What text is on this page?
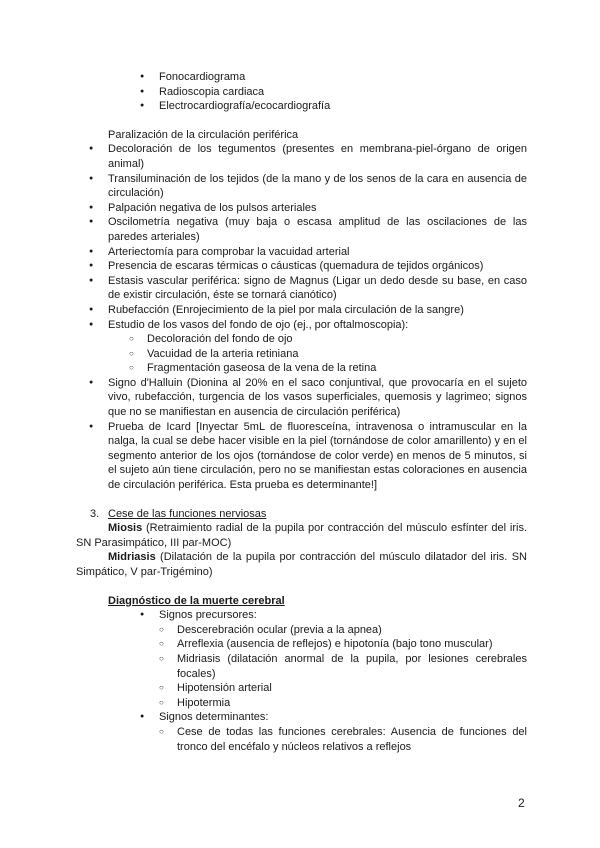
● Fonocardiograma
● Radioscopia cardiaca
● Electrocardiografía/ecocardiografía
Paralización de la circulación periférica
● Decoloración de los tegumentos (presentes en membrana-piel-órgano de origen animal)
● Transiluminación de los tejidos (de la mano y de los senos de la cara en ausencia de circulación)
● Palpación negativa de los pulsos arteriales
● Oscilometría negativa (muy baja o escasa amplitud de las oscilaciones de las paredes arteriales)
● Arteriectomía para comprobar la vacuidad arterial
● Presencia de escaras térmicas o cáusticas (quemadura de tejidos orgánicos)
● Estasis vascular periférica: signo de Magnus (Ligar un dedo desde su base, en caso de existir circulación, éste se tornará cianótico)
● Rubefacción (Enrojecimiento de la piel por mala circulación de la sangre)
● Estudio de los vasos del fondo de ojo (ej., por oftalmoscopia):
○ Decoloración del fondo de ojo
○ Vacuidad de la arteria retiniana
○ Fragmentación gaseosa de la vena de la retina
● Signo d'Halluin (Dionina al 20% en el saco conjuntival, que provocaría en el sujeto vivo, rubefacción, turgencia de los vasos superficiales, quemosis y lagrimeo; signos que no se manifiestan en ausencia de circulación periférica)
● Prueba de Icard [Inyectar 5mL de fluoresceína, intravenosa o intramuscular en la nalga, la cual se debe hacer visible en la piel (tornándose de color amarillento) y en el segmento anterior de los ojos (tornándose de color verde) en menos de 5 minutos, si el sujeto aún tiene circulación, pero no se manifiestan estas coloraciones en ausencia de circulación periférica. Esta prueba es determinante!]
3. Cese de las funciones nerviosas
Miosis (Retraimiento radial de la pupila por contracción del músculo esfínter del iris. SN Parasimpático, III par-MOC)
Midriasis (Dilatación de la pupila por contracción del músculo dilatador del iris. SN Simpático, V par-Trigémino)
Diagnóstico de la muerte cerebral
● Signos precursores:
○ Descerebración ocular (previa a la apnea)
○ Arreflexia (ausencia de reflejos) e hipotonía (bajo tono muscular)
○ Midriasis (dilatación anormal de la pupila, por lesiones cerebrales focales)
○ Hipotensión arterial
○ Hipotermia
● Signos determinantes:
○ Cese de todas las funciones cerebrales: Ausencia de funciones del tronco del encéfalo y núcleos relativos a reflejos
2
